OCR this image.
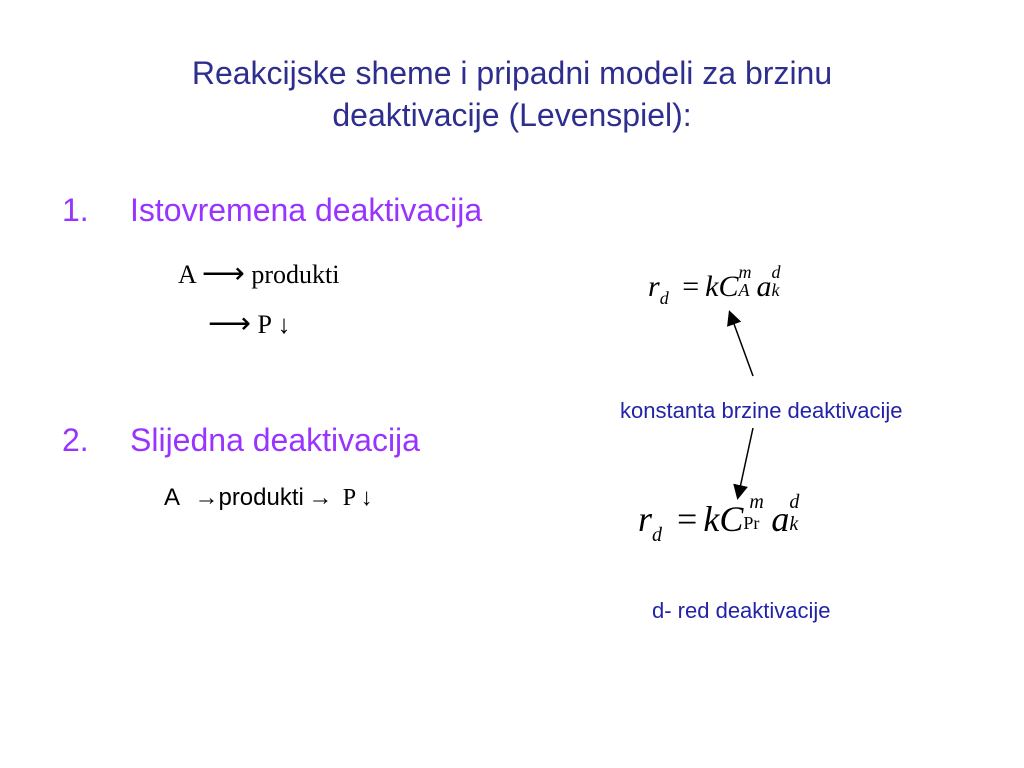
Reakcijske sheme i pripadni modeli za brzinu
deaktivacije (Levenspiel):
1. Istovremena deaktivacija
A ⟶ produkti
⟶ P ↓
$r_d$ = kC m
A a d
k
konstanta brzine deaktivacije
2. Slijedna deaktivacija
A →produkti → P ↓
$r_d$ = kC m
Pr a d
k
d- red deaktivacije
